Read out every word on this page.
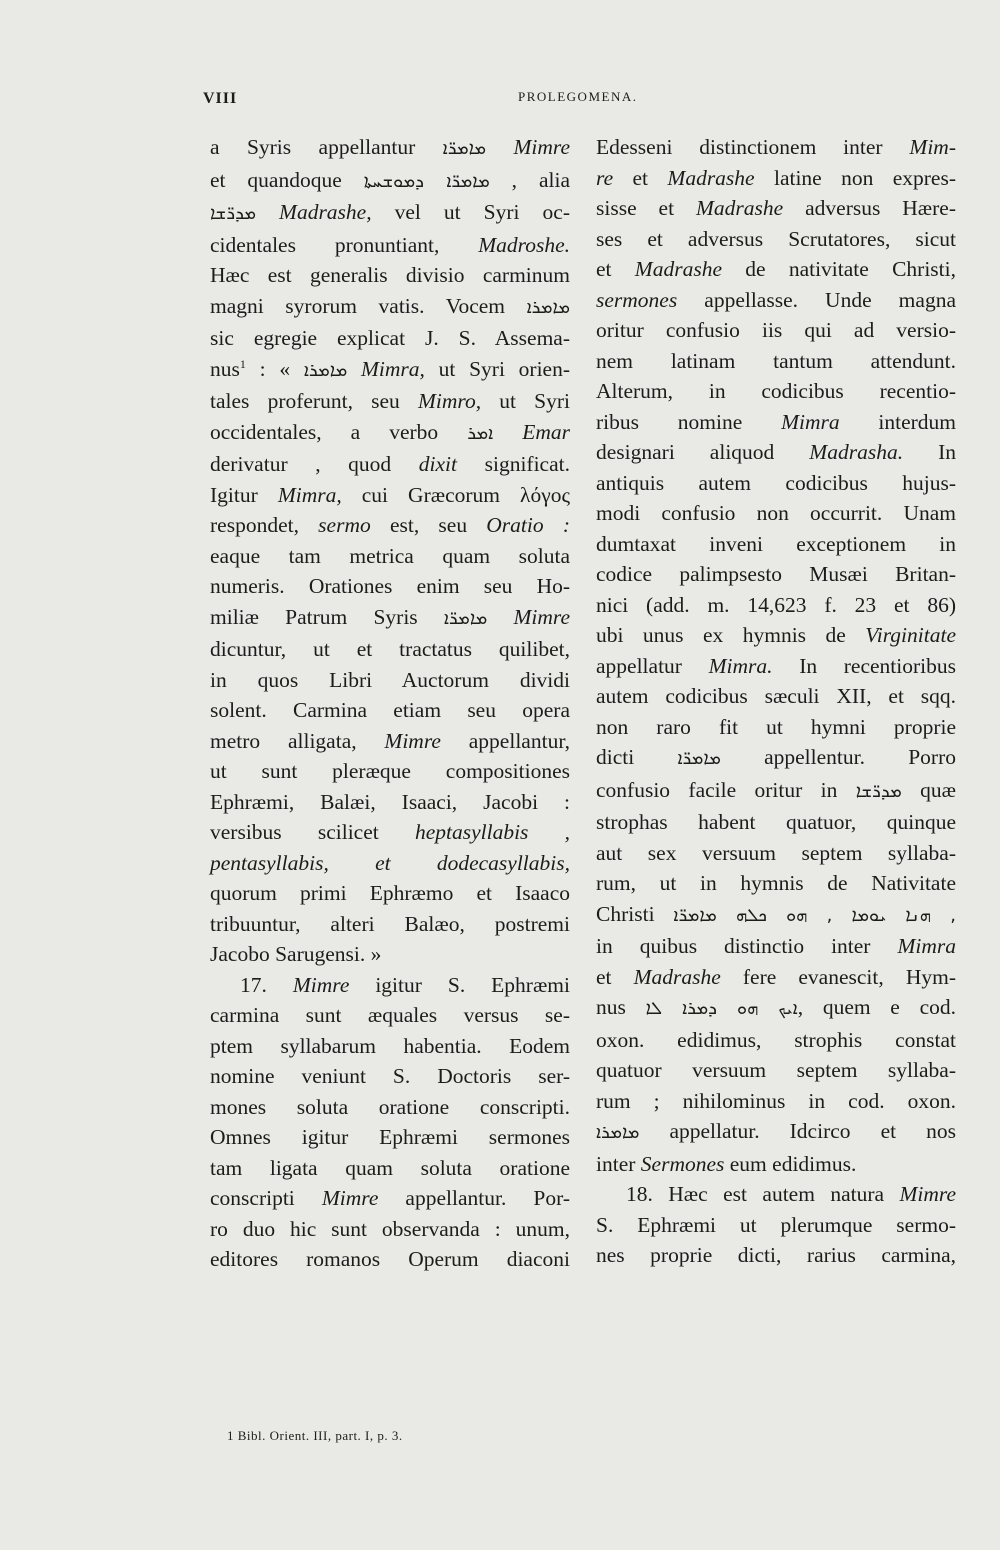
VIII	PROLEGOMENA.
a Syris appellantur ܡܐܡܪ̈ܐ Mimre
et quandoque ܡܐܡܪ̈ܐ ܕܡܘܫܚܬܐ , alia
ܡܕܪ̈ܫܐ Madrashe, vel ut Syri oc-
cidentales pronuntiant, Madroshe.
Hæc est generalis divisio carminum
magni syrorum vatis. Vocem ܡܐܡܪܐ
sic egregie explicat J. S. Assema-
nus$^1$ : « ܡܐܡܪܐ Mimra, ut Syri orien-
tales proferunt, seu Mimro, ut Syri
occidentales, a verbo ܐܡܪ Emar
derivatur , quod dixit significat.
Igitur Mimra, cui Græcorum λόγος
respondet, sermo est, seu Oratio :
eaque tam metrica quam soluta
numeris. Orationes enim seu Ho-
miliæ Patrum Syris ܡܐܡܪ̈ܐ Mimre
dicuntur, ut et tractatus quilibet,
in quos Libri Auctorum dividi
solent. Carmina etiam seu opera
metro alligata, Mimre appellantur,
ut sunt pleræque compositiones
Ephræmi, Balæi, Isaaci, Jacobi :
versibus scilicet heptasyllabis ,
pentasyllabis, et dodecasyllabis,
quorum primi Ephræmo et Isaaco
tribuuntur, alteri Balæo, postremi
Jacobo Sarugensi. »
17. Mimre igitur S. Ephræmi
carmina sunt æquales versus se-
ptem syllabarum habentia. Eodem
nomine veniunt S. Doctoris ser-
mones soluta oratione conscripti.
Omnes igitur Ephræmi sermones
tam ligata quam soluta oratione
conscripti Mimre appellantur. Por-
ro duo hic sunt observanda : unum,
editores romanos Operum diaconi
Edesseni distinctionem inter Mim-
re et Madrashe latine non expres-
sisse et Madrashe adversus Hære-
ses et adversus Scrutatores, sicut
et Madrashe de nativitate Christi,
sermones appellasse. Unde magna
oritur confusio iis qui ad versio-
nem latinam tantum attendunt.
Alterum, in codicibus recentio-
ribus nomine Mimra interdum
designari aliquod Madrasha. In
antiquis autem codicibus hujus-
modi confusio non occurrit. Unam
dumtaxat inveni exceptionem in
codice palimpsesto Musæi Britan-
nici (add. m. 14,623 f. 23 et 86)
ubi unus ex hymnis de Virginitate
appellatur Mimra. In recentioribus
autem codicibus sæculi XII, et sqq.
non raro fit ut hymni proprie
dicti ܡܐܡܪ̈ܐ appellentur. Porro
confusio facile oritur in ܡܕܪ̈ܫܐ quæ
strophas habent quatuor, quinque
aut sex versuum septem syllaba-
rum, ut in hymnis de Nativitate
Christi ܗܢܐ ܝܘܡܐ , ܗܘ ܟܠܗ ܡܐܡܪ̈ܐ ,
in quibus distinctio inter Mimra
et Madrashe fere evanescit, Hym-
nus ܐܝܟ ܗܘ ܕܡܪܐ ܠܐ, quem e cod.
oxon. edidimus, strophis constat
quatuor versuum septem syllaba-
rum ; nihilominus in cod. oxon.
ܡܐܡܪܐ appellatur. Idcirco et nos
inter Sermones eum edidimus.
18. Hæc est autem natura Mimre
S. Ephræmi ut plerumque sermo-
nes proprie dicti, rarius carmina,
1 Bibl. Orient. III, part. I, p. 3.
